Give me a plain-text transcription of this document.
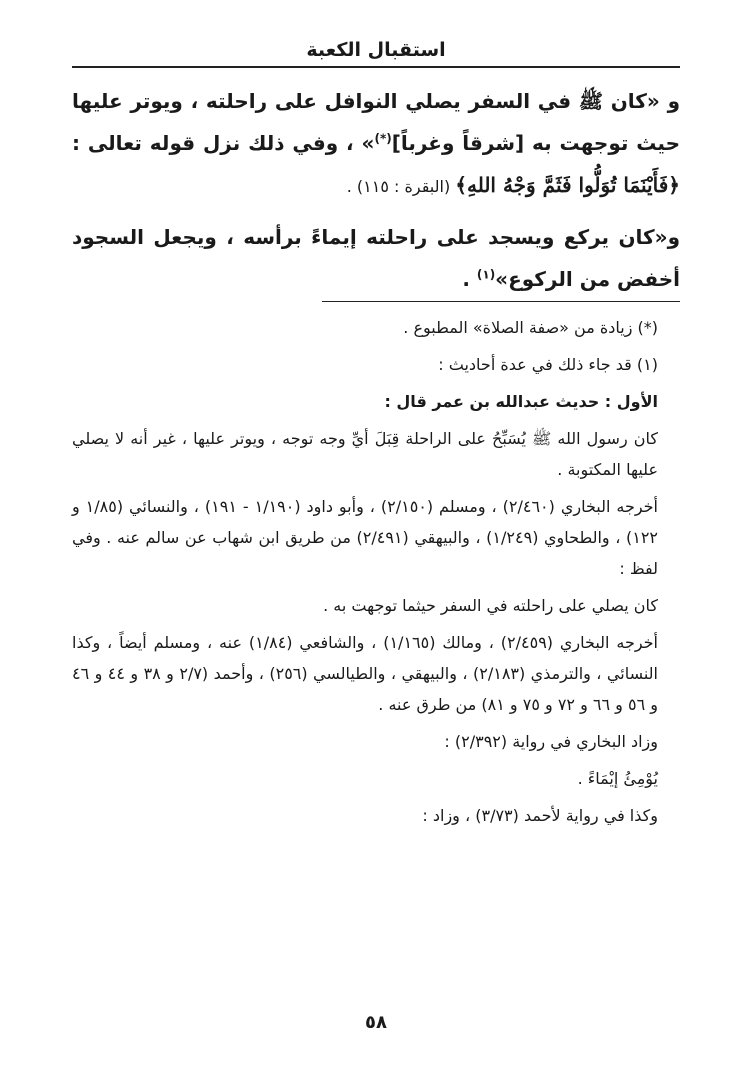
استقبال الكعبة

و «كان ﷺ في السفر يصلي النوافل على راحلته ، ويوتر عليها حيث توجهت به [شرقاً وغرباً](*)» ، وفي ذلك نزل قوله تعالى : ﴿فَأَيْنَمَا تُوَلُّوا فَثَمَّ وَجْهُ اللهِ﴾ (البقرة : ١١٥) .

و«كان يركع ويسجد على راحلته إيماءً برأسه ، ويجعل السجود أخفض من الركوع»$^{(١)}$ .

(*) زيادة من «صفة الصلاة» المطبوع .

(١) قد جاء ذلك في عدة أحاديث :

الأول : حديث عبدالله بن عمر قال :

كان رسول الله ﷺ يُسَبِّحُ على الراحلة قِبَلَ أيِّ وجه توجه ، ويوتر عليها ، غير أنه لا يصلي عليها المكتوبة .

أخرجه البخاري (٢/٤٦٠) ، ومسلم (٢/١٥٠) ، وأبو داود (١/١٩٠ - ١٩١) ، والنسائي (١/٨٥ و ١٢٢) ، والطحاوي (١/٢٤٩) ، والبيهقي (٢/٤٩١) من طريق ابن شهاب عن سالم عنه . وفي لفظ :

كان يصلي على راحلته في السفر حيثما توجهت به .

أخرجه البخاري (٢/٤٥٩) ، ومالك (١/١٦٥) ، والشافعي (١/٨٤) عنه ، ومسلم أيضاً ، وكذا النسائي ، والترمذي (٢/١٨٣) ، والبيهقي ، والطيالسي (٢٥٦) ، وأحمد (٢/٧ و ٣٨ و ٤٤ و ٤٦ و ٥٦ و ٦٦ و ٧٢ و ٧٥ و ٨١) من طرق عنه .

وزاد البخاري في رواية (٢/٣٩٢) :

يُوْمِئُ إيْمَاءً .

وكذا في رواية لأحمد (٣/٧٣) ، وزاد :

٥٨
